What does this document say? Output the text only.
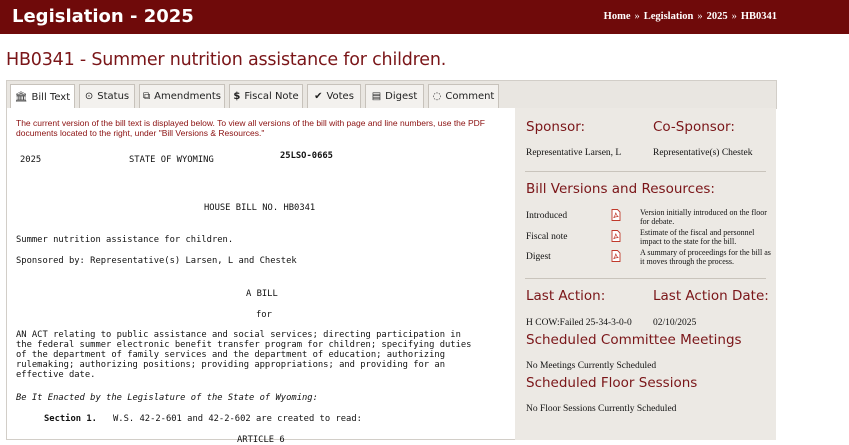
Legislation - 2025	Home » Legislation » 2025 » HB0341
HB0341 - Summer nutrition assistance for children.
🏛 Bill Text ⊙ Status ⧉ Amendments $ Fiscal Note ✔ Votes ▤ Digest ◌ Comment
The current version of the bill text is displayed below. To view all versions of the bill with page and line numbers, use the PDF documents located to the right, under "Bill Versions & Resources."
2025	STATE OF WYOMING	25LSO-0665
HOUSE BILL NO. HB0341
Summer nutrition assistance for children.
Sponsored by: Representative(s) Larsen, L and Chestek
A BILL
for
AN ACT relating to public assistance and social services; directing participation in
the federal summer electronic benefit transfer program for children; specifying duties
of the department of family services and the department of education; authorizing
rulemaking; authorizing positions; providing appropriations; and providing for an
effective date.
Be It Enacted by the Legislature of the State of Wyoming:
Section 1. W.S. 42-2-601 and 42-2-602 are created to read:
ARTICLE 6
Sponsor:	Co-Sponsor:
Representative Larsen, L	Representative(s) Chestek
Bill Versions and Resources:
Introduced	Version initially introduced on the floor for debate.
Fiscal note	Estimate of the fiscal and personnel impact to the state for the bill.
Digest	A summary of proceedings for the bill as it moves through the process.
Last Action:	Last Action Date:
H COW:Failed 25-34-3-0-0 02/10/2025
Scheduled Committee Meetings
No Meetings Currently Scheduled
Scheduled Floor Sessions
No Floor Sessions Currently Scheduled
